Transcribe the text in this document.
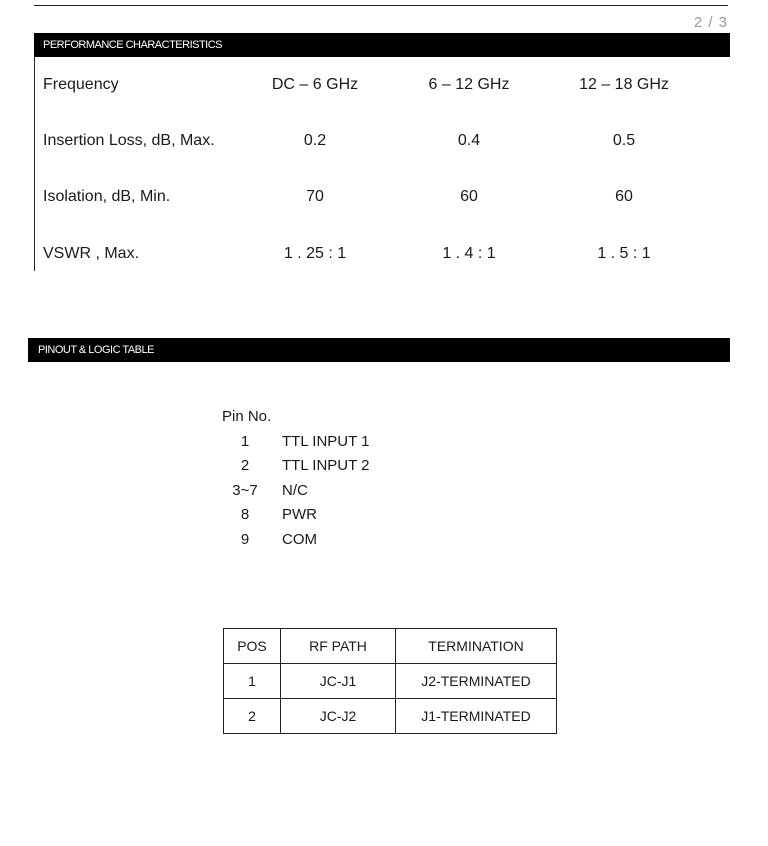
2 / 3
PERFORMANCE CHARACTERISTICS
Frequency	DC – 6 GHz	6 – 12 GHz	12 – 18 GHz
Insertion Loss, dB, Max.	0.2	0.4	0.5
Isolation, dB, Min.	70	60	60
VSWR , Max.	1 . 25 : 1	1 . 4 : 1	1 . 5 : 1
PINOUT & LOGIC TABLE
Pin No.
1	TTL INPUT 1
2	TTL INPUT 2
3~7	N/C
8	PWR
9	COM
POS	RF PATH	TERMINATION
1	JC-J1	J2-TERMINATED
2	JC-J2	J1-TERMINATED
